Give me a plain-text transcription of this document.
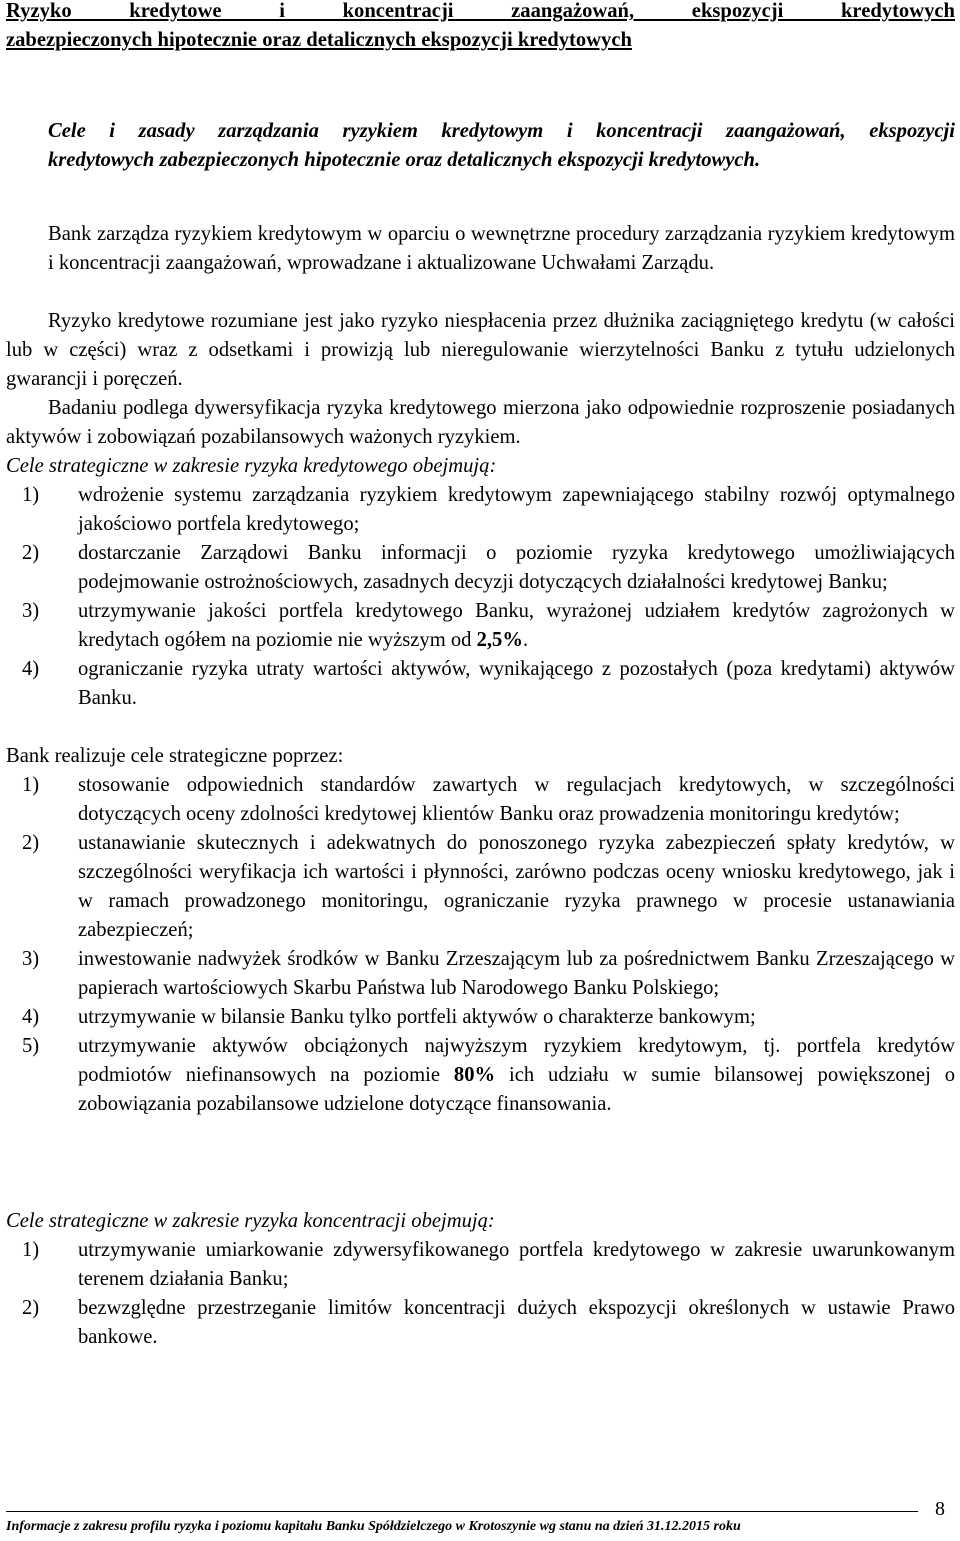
Ryzyko kredytowe i koncentracji zaangażowań, ekspozycji kredytowych
zabezpieczonych hipotecznie oraz detalicznych ekspozycji kredytowych
Cele i zasady zarządzania ryzykiem kredytowym i koncentracji zaangażowań, ekspozycji
kredytowych zabezpieczonych hipotecznie oraz detalicznych ekspozycji kredytowych.

Bank zarządza ryzykiem kredytowym w oparciu o wewnętrzne procedury zarządzania ryzykiem kredytowym i koncentracji zaangażowań, wprowadzane i aktualizowane Uchwałami Zarządu.

Ryzyko kredytowe rozumiane jest jako ryzyko niespłacenia przez dłużnika zaciągniętego kredytu (w całości lub w części) wraz z odsetkami i prowizją lub nieregulowanie wierzytelności Banku z tytułu udzielonych gwarancji i poręczeń.

Badaniu podlega dywersyfikacja ryzyka kredytowego mierzona jako odpowiednie rozproszenie posiadanych aktywów i zobowiązań pozabilansowych ważonych ryzykiem.

Cele strategiczne w zakresie ryzyka kredytowego obejmują:
1) wdrożenie systemu zarządzania ryzykiem kredytowym zapewniającego stabilny rozwój optymalnego jakościowo portfela kredytowego;
2) dostarczanie Zarządowi Banku informacji o poziomie ryzyka kredytowego umożliwiających podejmowanie ostrożnościowych, zasadnych decyzji dotyczących działalności kredytowej Banku;
3) utrzymywanie jakości portfela kredytowego Banku, wyrażonej udziałem kredytów zagrożonych w kredytach ogółem na poziomie nie wyższym od 2,5%.
4) ograniczanie ryzyka utraty wartości aktywów, wynikającego z pozostałych (poza kredytami) aktywów Banku.
Bank realizuje cele strategiczne poprzez:
1) stosowanie odpowiednich standardów zawartych w regulacjach kredytowych, w szczególności dotyczących oceny zdolności kredytowej klientów Banku oraz prowadzenia monitoringu kredytów;
2) ustanawianie skutecznych i adekwatnych do ponoszonego ryzyka zabezpieczeń spłaty kredytów, w szczególności weryfikacja ich wartości i płynności, zarówno podczas oceny wniosku kredytowego, jak i w ramach prowadzonego monitoringu, ograniczanie ryzyka prawnego w procesie ustanawiania zabezpieczeń;
3) inwestowanie nadwyżek środków w Banku Zrzeszającym lub za pośrednictwem Banku Zrzeszającego w papierach wartościowych Skarbu Państwa lub Narodowego Banku Polskiego;
4) utrzymywanie w bilansie Banku tylko portfeli aktywów o charakterze bankowym;
5) utrzymywanie aktywów obciążonych najwyższym ryzykiem kredytowym, tj. portfela kredytów podmiotów niefinansowych na poziomie 80% ich udziału w sumie bilansowej powiększonej o zobowiązania pozabilansowe udzielone dotyczące finansowania.
Cele strategiczne w zakresie ryzyka koncentracji obejmują:
1) utrzymywanie umiarkowanie zdywersyfikowanego portfela kredytowego w zakresie uwarunkowanym terenem działania Banku;
2) bezwzględne przestrzeganie limitów koncentracji dużych ekspozycji określonych w ustawie Prawo bankowe.
8
Informacje z zakresu profilu ryzyka i poziomu kapitału Banku Spółdzielczego w Krotoszynie wg stanu na dzień 31.12.2015 roku
